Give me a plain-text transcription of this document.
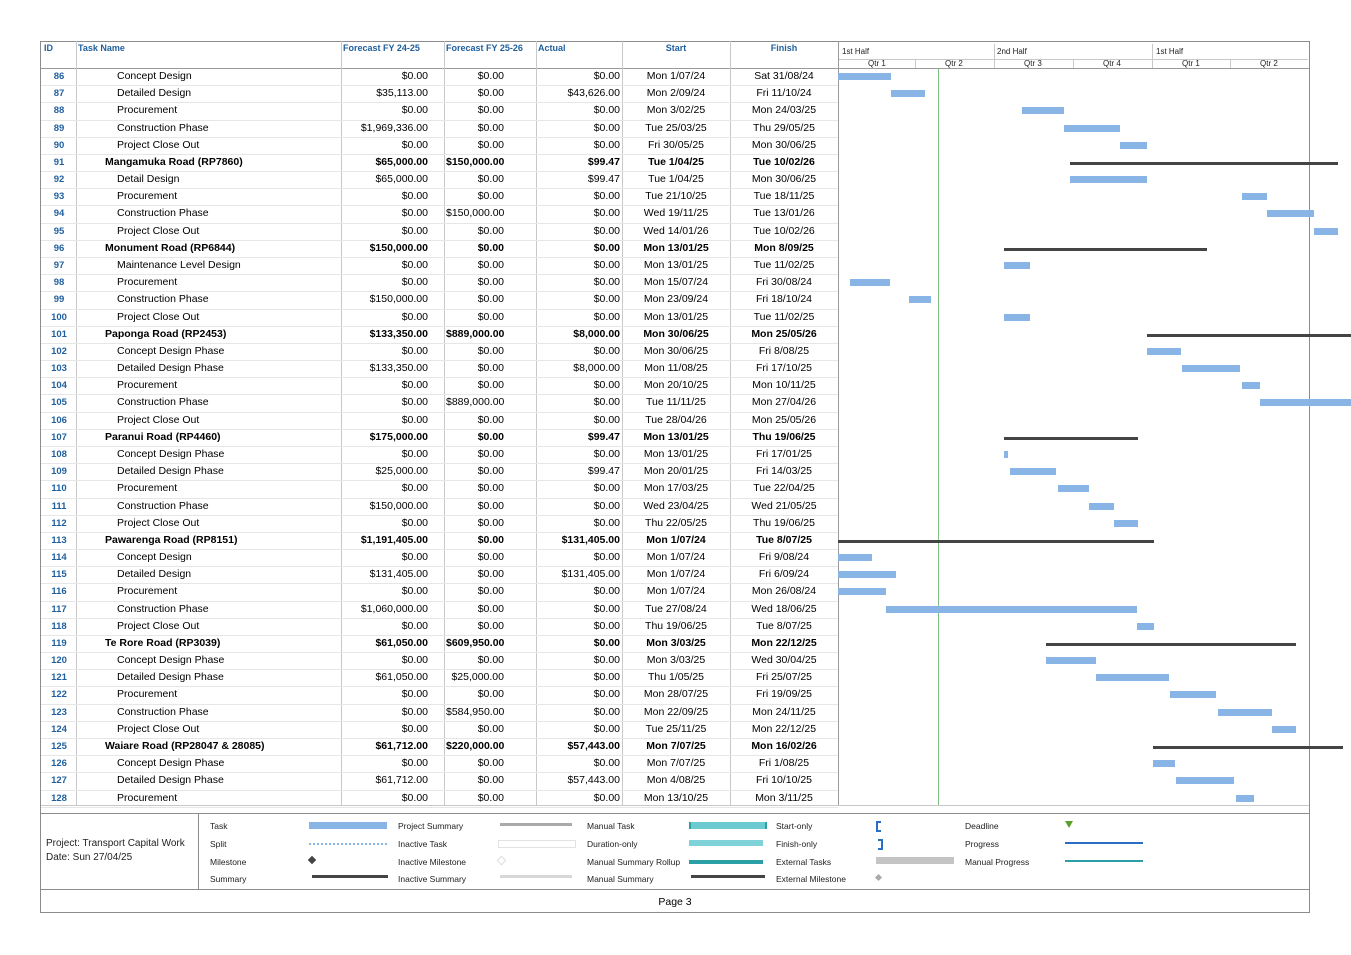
ID	Task Name	Forecast FY 24-25	Forecast FY 25-26	Actual	Start	Finish	1st Half	2nd Half	1st Half
Qtr 1	Qtr 2	Qtr 3	Qtr 4	Qtr 1	Qtr 2
86	Concept Design	$0.00	$0.00	$0.00	Mon 1/07/24	Sat 31/08/24
87	Detailed Design	$35,113.00	$0.00	$43,626.00	Mon 2/09/24	Fri 11/10/24
88	Procurement	$0.00	$0.00	$0.00	Mon 3/02/25	Mon 24/03/25
89	Construction Phase	$1,969,336.00	$0.00	$0.00	Tue 25/03/25	Thu 29/05/25
90	Project Close Out	$0.00	$0.00	$0.00	Fri 30/05/25	Mon 30/06/25
91	Mangamuka Road (RP7860)	$65,000.00 $150,000.00	$99.47	Tue 1/04/25	Tue 10/02/26
92	Detail Design	$65,000.00	$0.00	$99.47	Tue 1/04/25	Mon 30/06/25
93	Procurement	$0.00	$0.00	$0.00	Tue 21/10/25	Tue 18/11/25
94	Construction Phase	$0.00 $150,000.00	$0.00	Wed 19/11/25	Tue 13/01/26
95	Project Close Out	$0.00	$0.00	$0.00	Wed 14/01/26	Tue 10/02/26
96	Monument Road (RP6844)	$150,000.00	$0.00	$0.00	Mon 13/01/25	Mon 8/09/25
97	Maintenance Level Design	$0.00	$0.00	$0.00	Mon 13/01/25	Tue 11/02/25
98	Procurement	$0.00	$0.00	$0.00	Mon 15/07/24	Fri 30/08/24
99	Construction Phase	$150,000.00	$0.00	$0.00	Mon 23/09/24	Fri 18/10/24
100	Project Close Out	$0.00	$0.00	$0.00	Mon 13/01/25	Tue 11/02/25
101	Paponga Road (RP2453)	$133,350.00 $889,000.00	$8,000.00	Mon 30/06/25	Mon 25/05/26
102	Concept Design Phase	$0.00	$0.00	$0.00	Mon 30/06/25	Fri 8/08/25
103	Detailed Design Phase	$133,350.00	$0.00	$8,000.00	Mon 11/08/25	Fri 17/10/25
104	Procurement	$0.00	$0.00	$0.00	Mon 20/10/25	Mon 10/11/25
105	Construction Phase	$0.00 $889,000.00	$0.00	Tue 11/11/25	Mon 27/04/26
106	Project Close Out	$0.00	$0.00	$0.00	Tue 28/04/26	Mon 25/05/26
107	Paranui Road (RP4460)	$175,000.00	$0.00	$99.47	Mon 13/01/25	Thu 19/06/25
108	Concept Design Phase	$0.00	$0.00	$0.00	Mon 13/01/25	Fri 17/01/25
109	Detailed Design Phase	$25,000.00	$0.00	$99.47	Mon 20/01/25	Fri 14/03/25
110	Procurement	$0.00	$0.00	$0.00	Mon 17/03/25	Tue 22/04/25
111	Construction Phase	$150,000.00	$0.00	$0.00	Wed 23/04/25	Wed 21/05/25
112	Project Close Out	$0.00	$0.00	$0.00	Thu 22/05/25	Thu 19/06/25
113	Pawarenga Road (RP8151)	$1,191,405.00	$0.00	$131,405.00	Mon 1/07/24	Tue 8/07/25
114	Concept Design	$0.00	$0.00	$0.00	Mon 1/07/24	Fri 9/08/24
115	Detailed Design	$131,405.00	$0.00	$131,405.00	Mon 1/07/24	Fri 6/09/24
116	Procurement	$0.00	$0.00	$0.00	Mon 1/07/24	Mon 26/08/24
117	Construction Phase	$1,060,000.00	$0.00	$0.00	Tue 27/08/24	Wed 18/06/25
118	Project Close Out	$0.00	$0.00	$0.00	Thu 19/06/25	Tue 8/07/25
119	Te Rore Road (RP3039)	$61,050.00 $609,950.00	$0.00	Mon 3/03/25	Mon 22/12/25
120	Concept Design Phase	$0.00	$0.00	$0.00	Mon 3/03/25	Wed 30/04/25
121	Detailed Design Phase	$61,050.00	$25,000.00	$0.00	Thu 1/05/25	Fri 25/07/25
122	Procurement	$0.00	$0.00	$0.00	Mon 28/07/25	Fri 19/09/25
123	Construction Phase	$0.00 $584,950.00	$0.00	Mon 22/09/25	Mon 24/11/25
124	Project Close Out	$0.00	$0.00	$0.00	Tue 25/11/25	Mon 22/12/25
125	Waiare Road (RP28047 & 28085)	$61,712.00 $220,000.00	$57,443.00	Mon 7/07/25	Mon 16/02/26
126	Concept Design Phase	$0.00	$0.00	$0.00	Mon 7/07/25	Fri 1/08/25
127	Detailed Design Phase	$61,712.00	$0.00	$57,443.00	Mon 4/08/25	Fri 10/10/25
128	Procurement	$0.00	$0.00	$0.00	Mon 13/10/25	Mon 3/11/25
Project: Transport Capital Work
Date: Sun 27/04/25
Task
Split
Milestone
Summary
Project Summary
Inactive Task
Inactive Milestone
Inactive Summary
Manual Task
Duration-only
Manual Summary Rollup
Manual Summary
Start-only
Finish-only
External Tasks
External Milestone
Deadline
Progress
Manual Progress
Page 3
